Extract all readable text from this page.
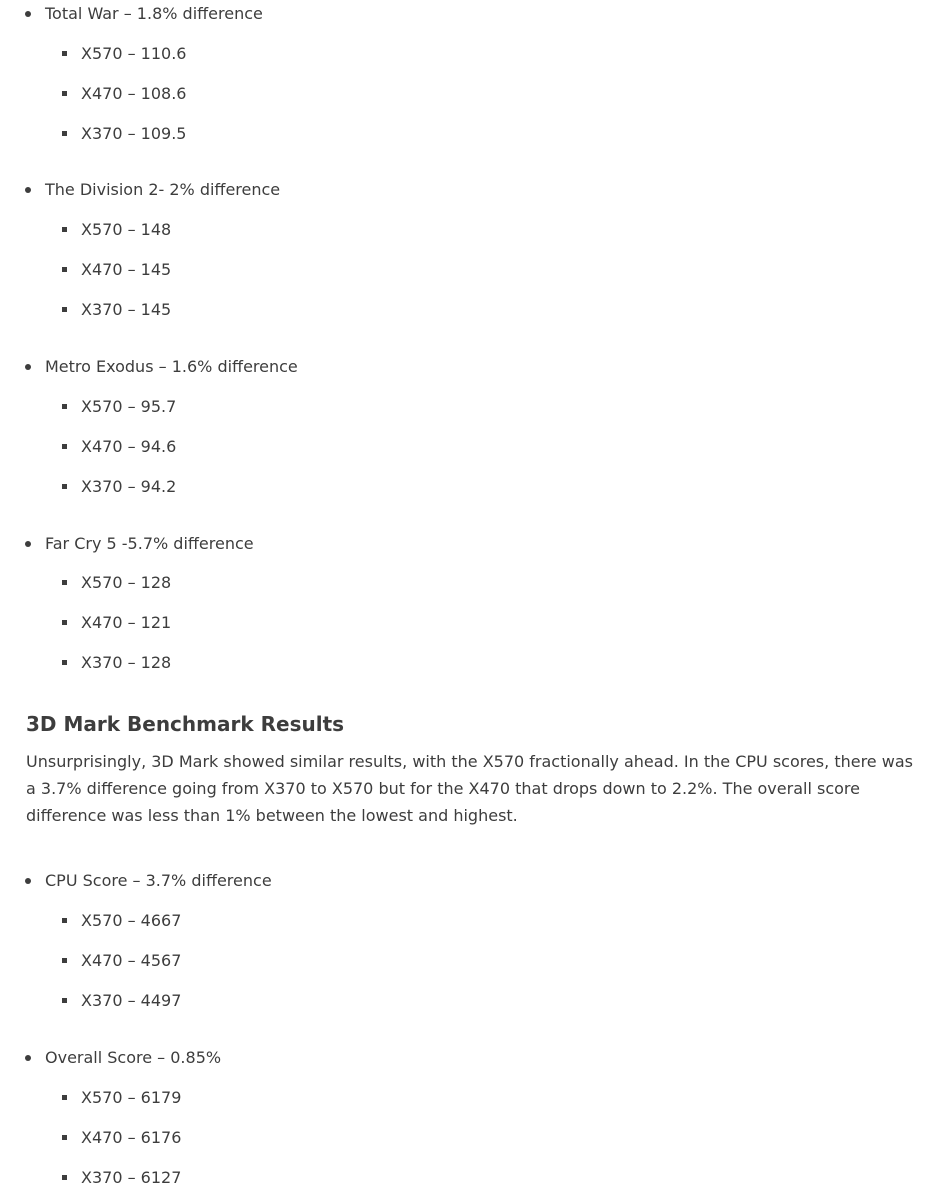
Total War – 1.8% difference
X570 – 110.6
X470 – 108.6
X370 – 109.5
The Division 2- 2% difference
X570 – 148
X470 – 145
X370 – 145
Metro Exodus – 1.6% difference
X570 – 95.7
X470 – 94.6
X370 – 94.2
Far Cry 5 -5.7% difference
X570 – 128
X470 – 121
X370 – 128
3D Mark Benchmark Results
Unsurprisingly, 3D Mark showed similar results, with the X570 fractionally ahead. In the CPU scores, there was
a 3.7% difference going from X370 to X570 but for the X470 that drops down to 2.2%. The overall score
difference was less than 1% between the lowest and highest.
CPU Score – 3.7% difference
X570 – 4667
X470 – 4567
X370 – 4497
Overall Score – 0.85%
X570 – 6179
X470 – 6176
X370 – 6127
